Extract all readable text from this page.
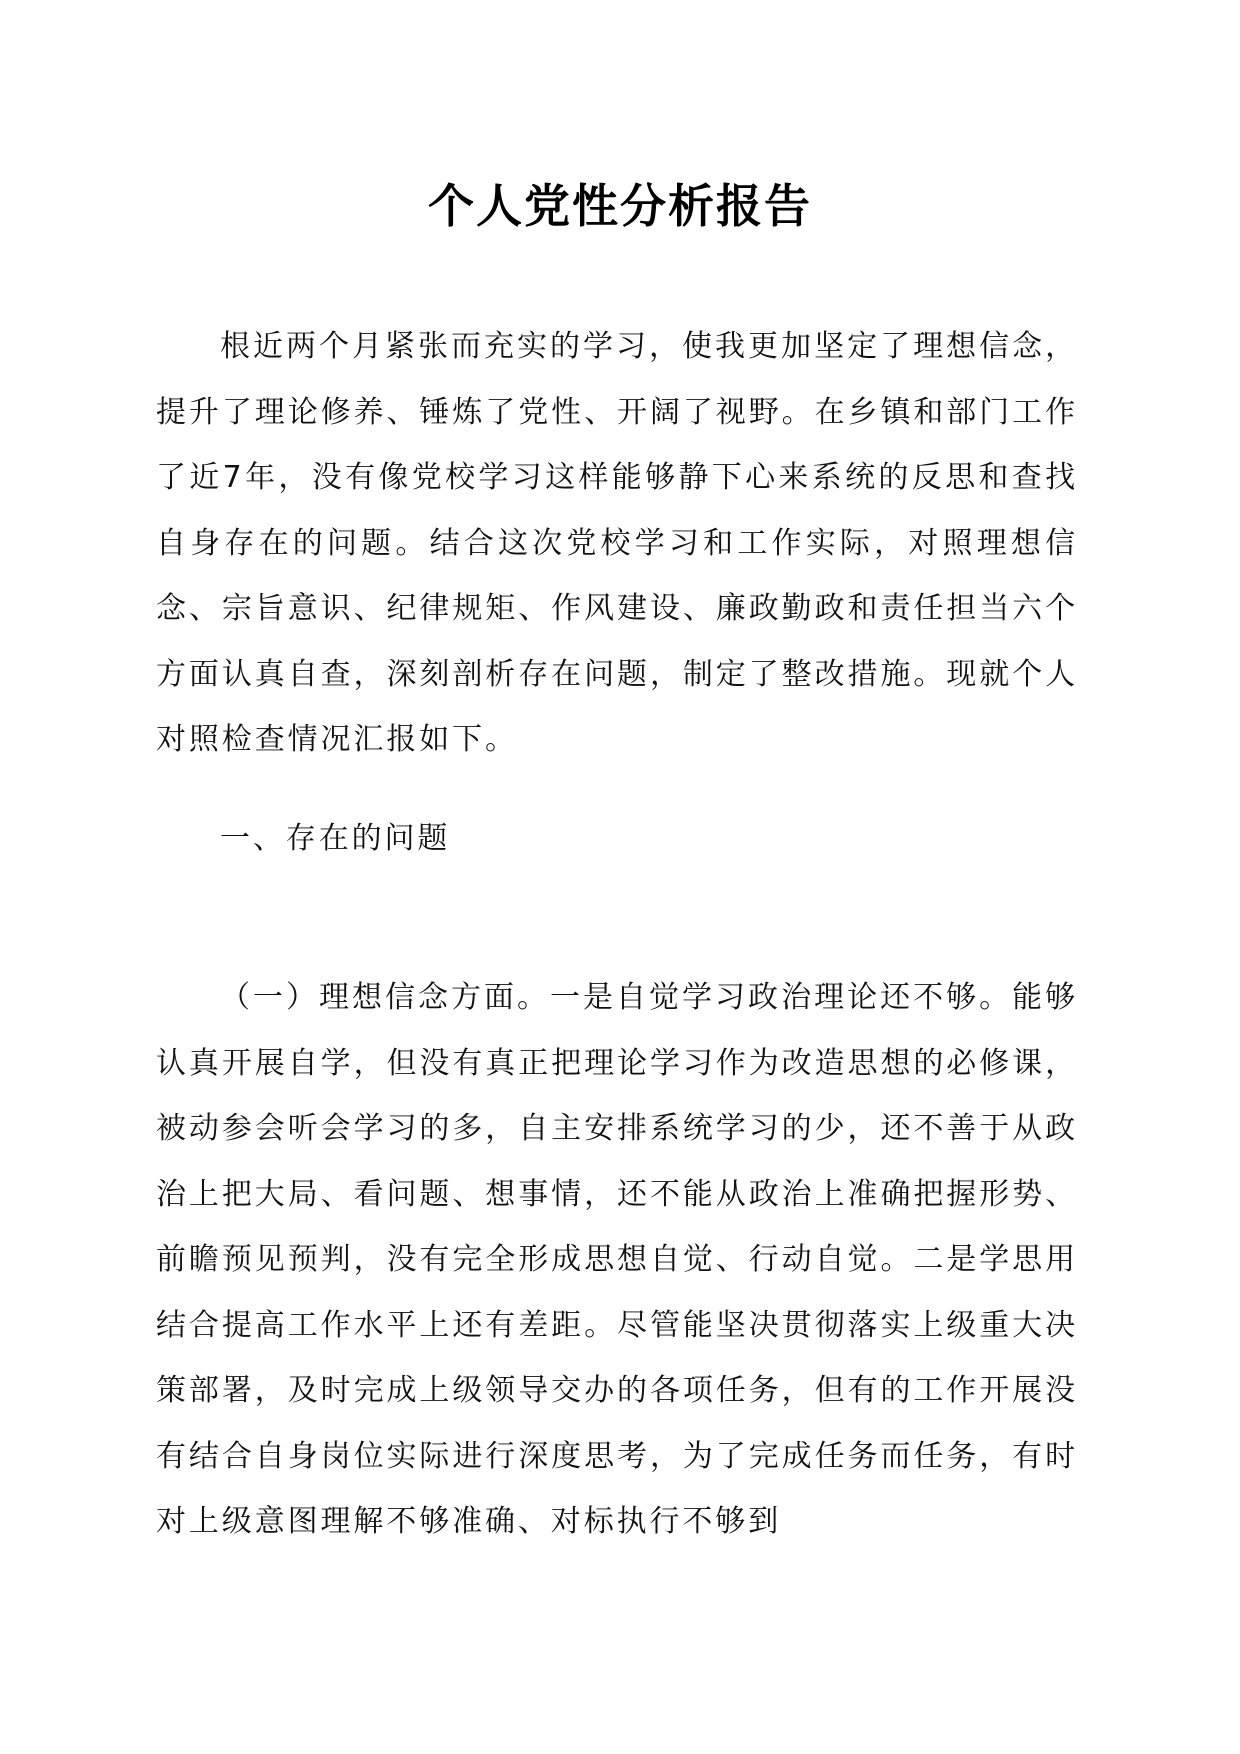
个人党性分析报告

根近两个月紧张而充实的学习，使我更加坚定了理想信念，提升了理论修养、锤炼了党性、开阔了视野。在乡镇和部门工作了近7年，没有像党校学习这样能够静下心来系统的反思和查找自身存在的问题。结合这次党校学习和工作实际，对照理想信念、宗旨意识、纪律规矩、作风建设、廉政勤政和责任担当六个方面认真自查，深刻剖析存在问题，制定了整改措施。现就个人对照检查情况汇报如下。

一、存在的问题

（一）理想信念方面。一是自觉学习政治理论还不够。能够认真开展自学，但没有真正把理论学习作为改造思想的必修课，被动参会听会学习的多，自主安排系统学习的少，还不善于从政治上把大局、看问题、想事情，还不能从政治上准确把握形势、前瞻预见预判，没有完全形成思想自觉、行动自觉。二是学思用结合提高工作水平上还有差距。尽管能坚决贯彻落实上级重大决策部署，及时完成上级领导交办的各项任务，但有的工作开展没有结合自身岗位实际进行深度思考，为了完成任务而任务，有时对上级意图理解不够准确、对标执行不够到
